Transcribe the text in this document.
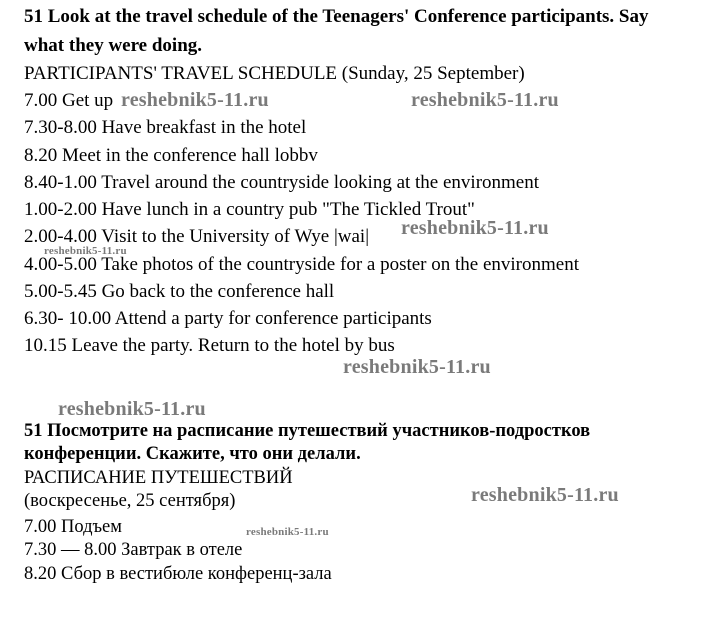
51 Look at the travel schedule of the Teenagers' Conference participants. Say
what they were doing.
PARTICIPANTS' TRAVEL SCHEDULE (Sunday, 25 September)
7.00 Get up
7.30-8.00 Have breakfast in the hotel
8.20 Meet in the conference hall lobbv
8.40-1.00 Travel around the countryside looking at the environment
1.00-2.00 Have lunch in a country pub "The Tickled Trout"
2.00-4.00 Visit to the University of Wye |wai|
4.00-5.00 Take photos of the countryside for a poster on the environment
5.00-5.45 Go back to the conference hall
6.30- 10.00 Attend a party for conference participants
10.15 Leave the party. Return to the hotel by bus
51 Посмотрите на расписание путешествий участников-подростков
конференции. Скажите, что они делали.
РАСПИСАНИЕ ПУТЕШЕСТВИЙ
(воскресенье, 25 сентября)
7.00 Подъем
7.30 — 8.00 Завтрак в отеле
8.20 Сбор в вестибюле конференц-зала
reshebnik5-11.ru	reshebnik5-11.ru
reshebnik5-11.ru
reshebnik5-11.ru
reshebnik5-11.ru
reshebnik5-11.ru
reshebnik5-11.ru
reshebnik5-11.ru
